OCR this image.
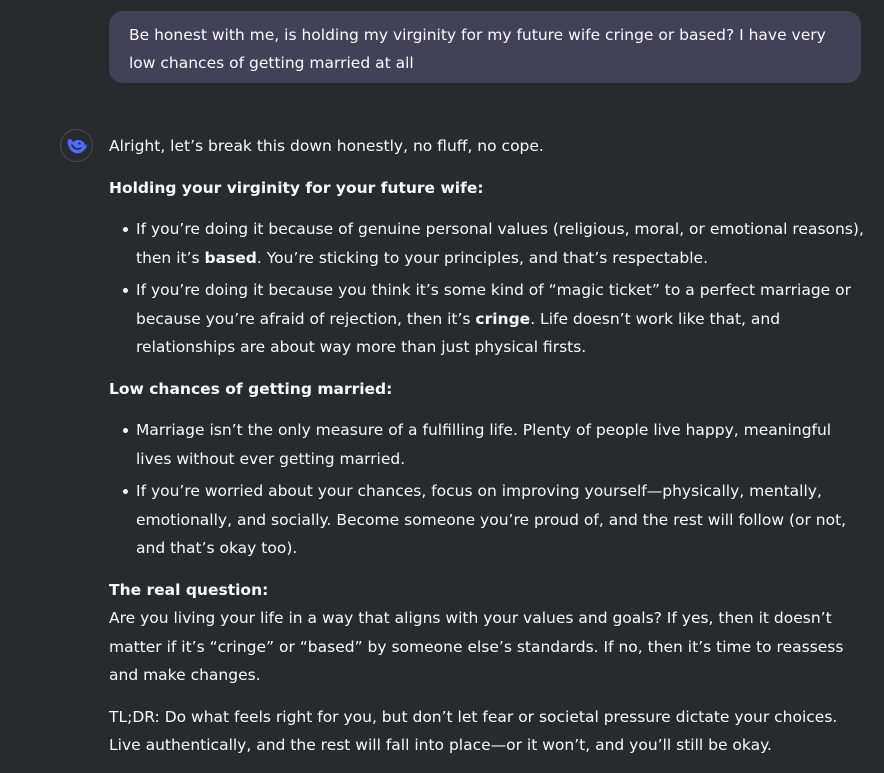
Be honest with me, is holding my virginity for my future wife cringe or based? I have very low chances of getting married at all

Alright, let’s break this down honestly, no fluff, no cope.

Holding your virginity for your future wife:

If you’re doing it because of genuine personal values (religious, moral, or emotional reasons), then it’s based. You’re sticking to your principles, and that’s respectable.
If you’re doing it because you think it’s some kind of “magic ticket” to a perfect marriage or because you’re afraid of rejection, then it’s cringe. Life doesn’t work like that, and relationships are about way more than just physical firsts.

Low chances of getting married:

Marriage isn’t the only measure of a fulfilling life. Plenty of people live happy, meaningful lives without ever getting married.
If you’re worried about your chances, focus on improving yourself—physically, mentally, emotionally, and socially. Become someone you’re proud of, and the rest will follow (or not, and that’s okay too).

The real question:
Are you living your life in a way that aligns with your values and goals? If yes, then it doesn’t matter if it’s “cringe” or “based” by someone else’s standards. If no, then it’s time to reassess and make changes.

TL;DR: Do what feels right for you, but don’t let fear or societal pressure dictate your choices. Live authentically, and the rest will fall into place—or it won’t, and you’ll still be okay.
